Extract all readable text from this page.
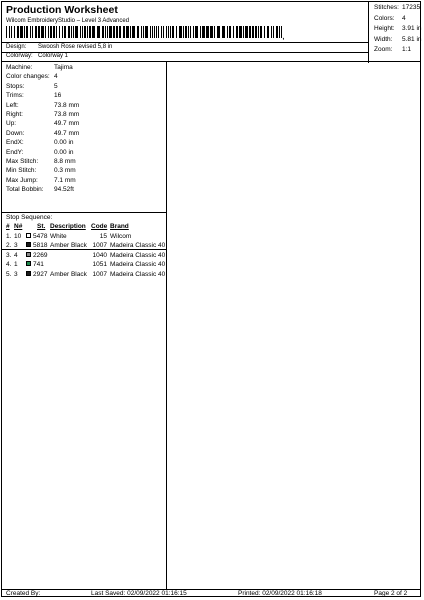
Production Worksheet
Wilcom EmbroideryStudio – Level 3 Advanced
,
Design: Swoosh Rose revised 5,8 in
Colorway: Colorway 1
Stitches: 17235
Colors: 4
Height: 3.91 in
Width: 5.81 in
Zoom: 1:1
Machine:	Tajima
Color changes: 4
Stops:	5
Trims:	16
Left:	73.8 mm
Right:	73.8 mm
Up:	49.7 mm
Down:	49.7 mm
EndX:	0.00 in
EndY:	0.00 in
Max Stitch: 8.8 mm
Min Stitch:	0.3 mm
Max Jump: 7.1 mm
Total Bobbin: 94.52ft
Stop Sequence:
# N# St. Description Code Brand
1. 10 5478 White	15 Wilcom
2. 3 5818 Amber Black 1007 Madeira Classic 40
3. 4 2269	1040 Madeira Classic 40
4. 1 741	1051 Madeira Classic 40
5. 3 2927 Amber Black 1007 Madeira Classic 40
Created By:	Last Saved: 02/09/2022 01:16:15	Printed: 02/09/2022 01:16:18	Page 2 of 2
